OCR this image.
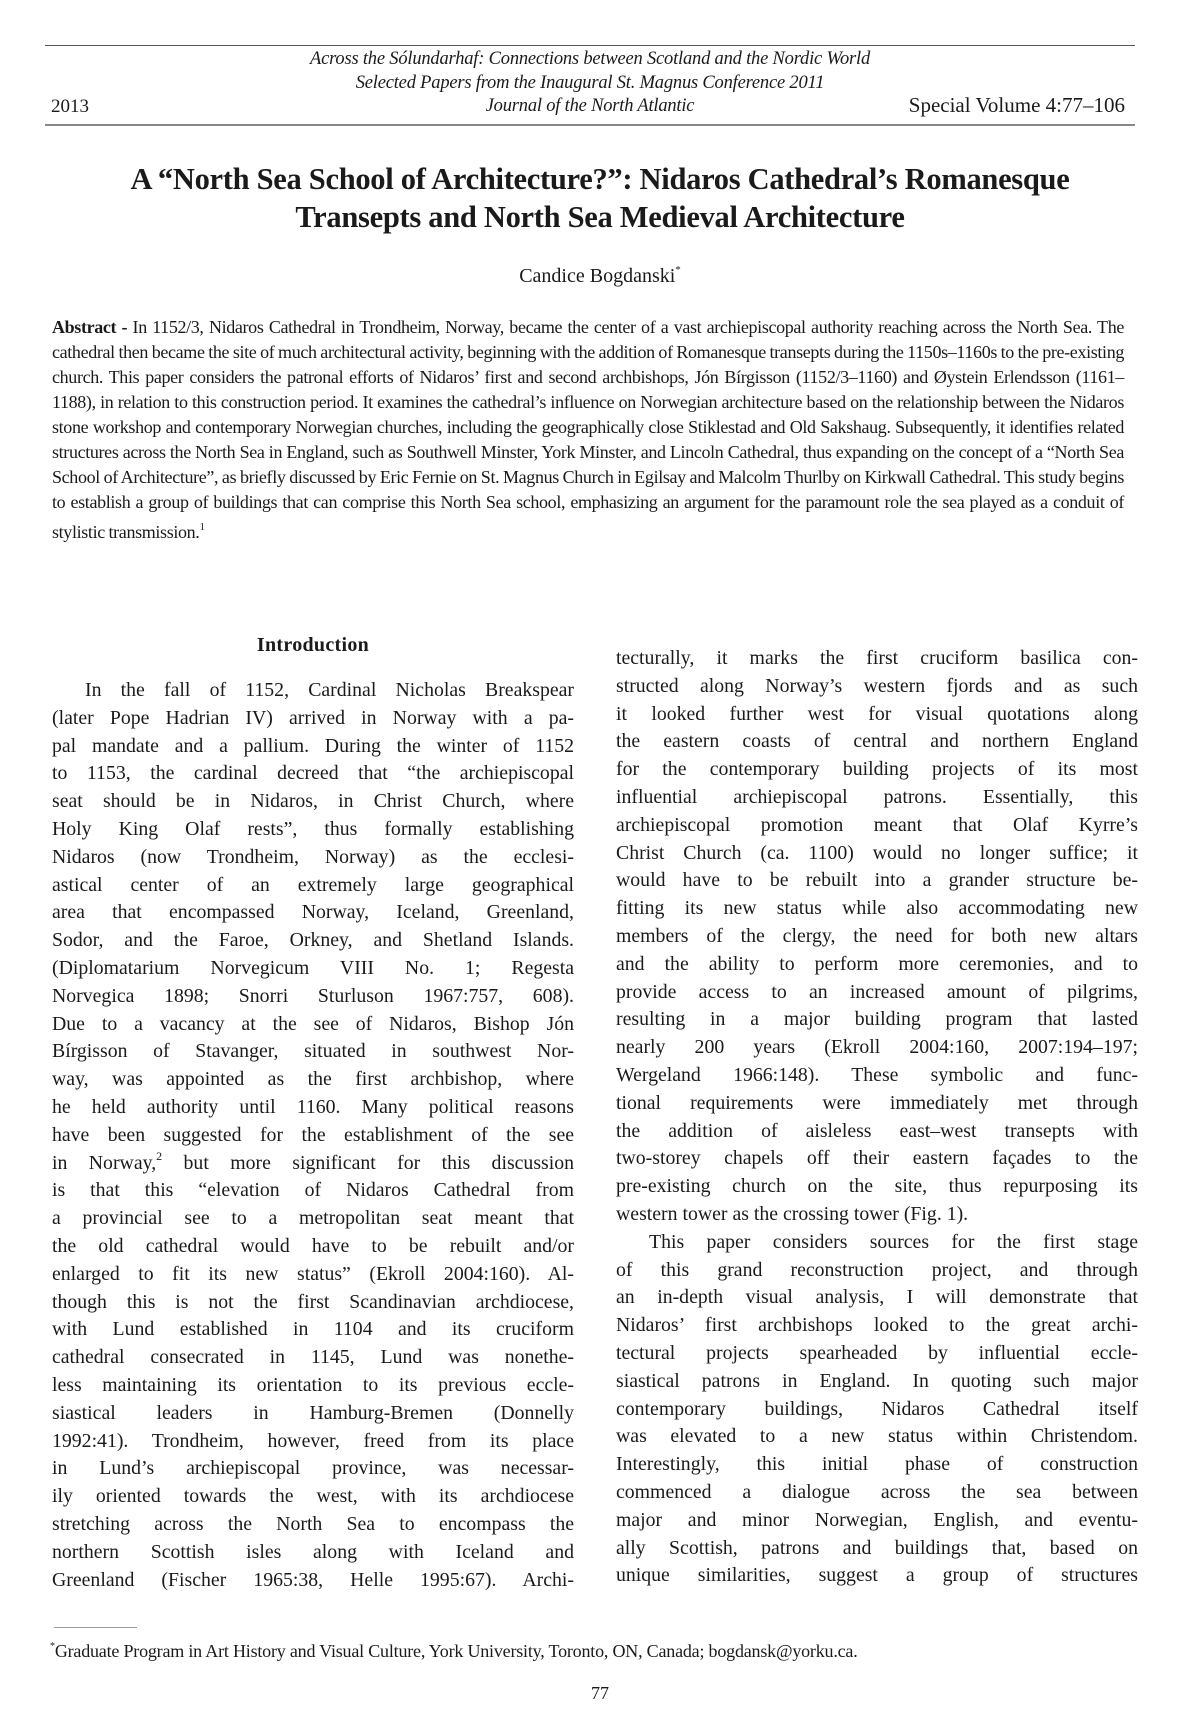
Across the Sólundarhaf: Connections between Scotland and the Nordic World
Selected Papers from the Inaugural St. Magnus Conference 2011
Journal of the North Atlantic
2013	Special Volume 4:77–106
A “North Sea School of Architecture?”: Nidaros Cathedral’s Romanesque
Transepts and North Sea Medieval Architecture
Candice Bogdanski*
Abstract - In 1152/3, Nidaros Cathedral in Trondheim, Norway, became the center of a vast archiepiscopal authority reaching across the North Sea. The cathedral then became the site of much architectural activity, beginning with the addition of Romanesque transepts during the 1150s–1160s to the pre-existing church. This paper considers the patronal efforts of Nidaros’ first and second archbishops, Jón Bírgisson (1152/3–1160) and Øystein Erlendsson (1161–1188), in relation to this construction period. It examines the cathedral’s influence on Norwegian architecture based on the relationship between the Nidaros stone workshop and contemporary Norwegian churches, including the geographically close Stiklestad and Old Sakshaug. Subsequently, it identifies related structures across the North Sea in England, such as Southwell Minster, York Minster, and Lincoln Cathedral, thus expanding on the concept of a “North Sea School of Architecture”, as briefly discussed by Eric Fernie on St. Magnus Church in Egilsay and Malcolm Thurlby on Kirkwall Cathedral. This study begins to establish a group of buildings that can comprise this North Sea school, emphasizing an argument for the paramount role the sea played as a conduit of stylistic transmission.$^1$
Introduction
In the fall of 1152, Cardinal Nicholas Breakspear
(later Pope Hadrian IV) arrived in Norway with a pa-
pal mandate and a pallium. During the winter of 1152
to 1153, the cardinal decreed that “the archiepiscopal
seat should be in Nidaros, in Christ Church, where
Holy King Olaf rests”, thus formally establishing
Nidaros (now Trondheim, Norway) as the ecclesi-
astical center of an extremely large geographical
area that encompassed Norway, Iceland, Greenland,
Sodor, and the Faroe, Orkney, and Shetland Islands.
(Diplomatarium Norvegicum VIII No. 1; Regesta
Norvegica 1898; Snorri Sturluson 1967:757, 608).
Due to a vacancy at the see of Nidaros, Bishop Jón
Bírgisson of Stavanger, situated in southwest Nor-
way, was appointed as the first archbishop, where
he held authority until 1160. Many political reasons
have been suggested for the establishment of the see
in Norway,$^2$ but more significant for this discussion
is that this “elevation of Nidaros Cathedral from
a provincial see to a metropolitan seat meant that
the old cathedral would have to be rebuilt and/or
enlarged to fit its new status” (Ekroll 2004:160). Al-
though this is not the first Scandinavian archdiocese,
with Lund established in 1104 and its cruciform
cathedral consecrated in 1145, Lund was nonethe-
less maintaining its orientation to its previous eccle-
siastical leaders in Hamburg-Bremen (Donnelly
1992:41). Trondheim, however, freed from its place
in Lund’s archiepiscopal province, was necessar-
ily oriented towards the west, with its archdiocese
stretching across the North Sea to encompass the
northern Scottish isles along with Iceland and
Greenland (Fischer 1965:38, Helle 1995:67). Archi-
tecturally, it marks the first cruciform basilica con-
structed along Norway’s western fjords and as such
it looked further west for visual quotations along
the eastern coasts of central and northern England
for the contemporary building projects of its most
influential archiepiscopal patrons. Essentially, this
archiepiscopal promotion meant that Olaf Kyrre’s
Christ Church (ca. 1100) would no longer suffice; it
would have to be rebuilt into a grander structure be-
fitting its new status while also accommodating new
members of the clergy, the need for both new altars
and the ability to perform more ceremonies, and to
provide access to an increased amount of pilgrims,
resulting in a major building program that lasted
nearly 200 years (Ekroll 2004:160, 2007:194–197;
Wergeland 1966:148). These symbolic and func-
tional requirements were immediately met through
the addition of aisleless east–west transepts with
two-storey chapels off their eastern façades to the
pre-existing church on the site, thus repurposing its
western tower as the crossing tower (Fig. 1).
This paper considers sources for the first stage
of this grand reconstruction project, and through
an in-depth visual analysis, I will demonstrate that
Nidaros’ first archbishops looked to the great archi-
tectural projects spearheaded by influential eccle-
siastical patrons in England. In quoting such major
contemporary buildings, Nidaros Cathedral itself
was elevated to a new status within Christendom.
Interestingly, this initial phase of construction
commenced a dialogue across the sea between
major and minor Norwegian, English, and eventu-
ally Scottish, patrons and buildings that, based on
unique similarities, suggest a group of structures
*Graduate Program in Art History and Visual Culture, York University, Toronto, ON, Canada; bogdansk@yorku.ca.
77
